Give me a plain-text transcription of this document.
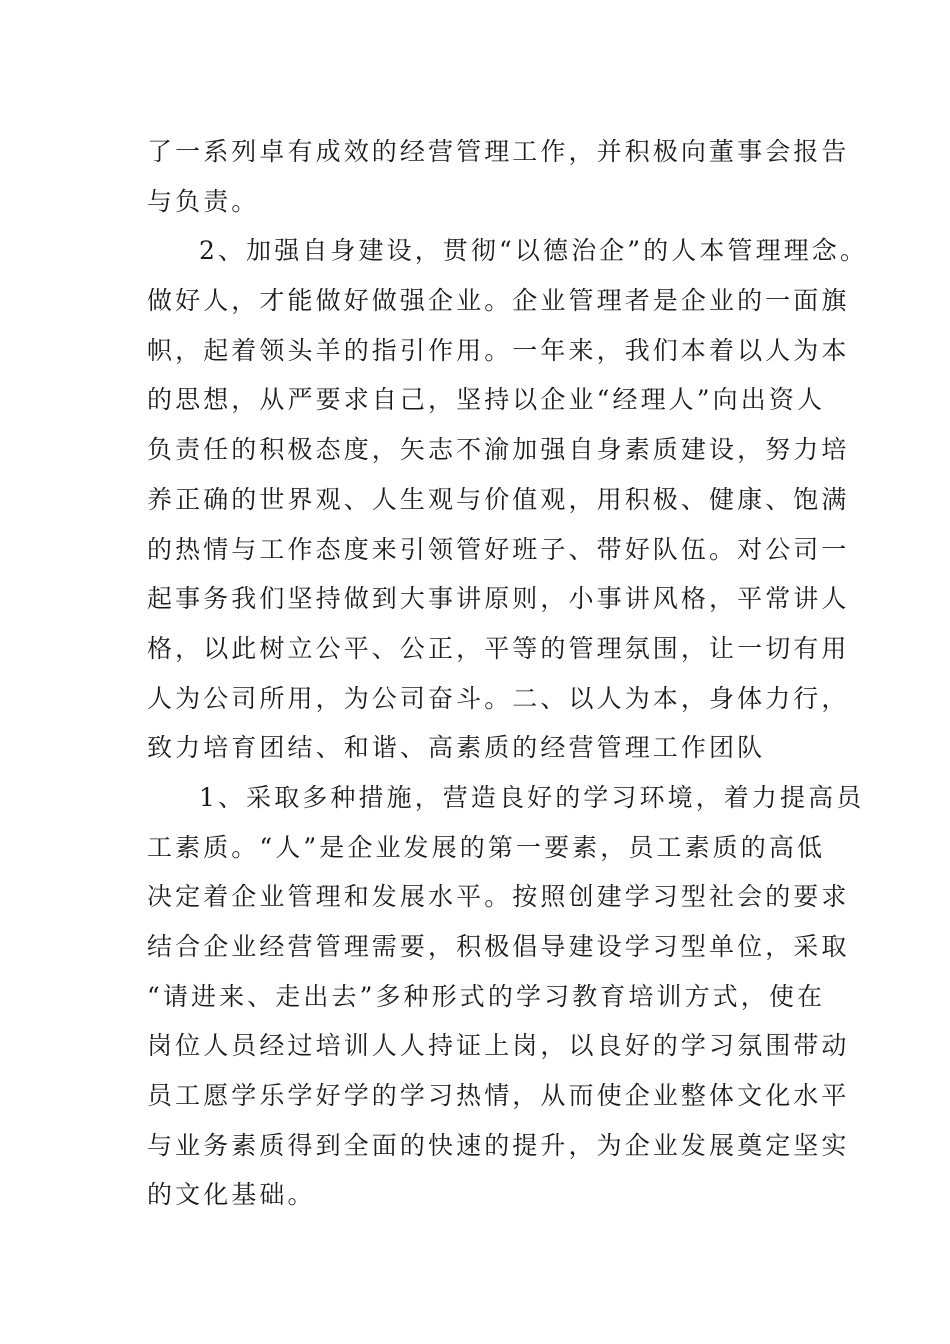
了一系列卓有成效的经营管理工作，并积极向董事会报告
与负责。
2、加强自身建设，贯彻“以德治企”的人本管理理念。
做好人，才能做好做强企业。企业管理者是企业的一面旗
帜，起着领头羊的指引作用。一年来，我们本着以人为本
的思想，从严要求自己，坚持以企业“经理人”向出资人
负责任的积极态度，矢志不渝加强自身素质建设，努力培
养正确的世界观、人生观与价值观，用积极、健康、饱满
的热情与工作态度来引领管好班子、带好队伍。对公司一
起事务我们坚持做到大事讲原则，小事讲风格，平常讲人
格，以此树立公平、公正，平等的管理氛围，让一切有用
人为公司所用，为公司奋斗。二、以人为本，身体力行，
致力培育团结、和谐、高素质的经营管理工作团队
1、采取多种措施，营造良好的学习环境，着力提高员
工素质。“人”是企业发展的第一要素，员工素质的高低
决定着企业管理和发展水平。按照创建学习型社会的要求
结合企业经营管理需要，积极倡导建设学习型单位，采取
“请进来、走出去”多种形式的学习教育培训方式，使在
岗位人员经过培训人人持证上岗，以良好的学习氛围带动
员工愿学乐学好学的学习热情，从而使企业整体文化水平
与业务素质得到全面的快速的提升，为企业发展奠定坚实
的文化基础。
